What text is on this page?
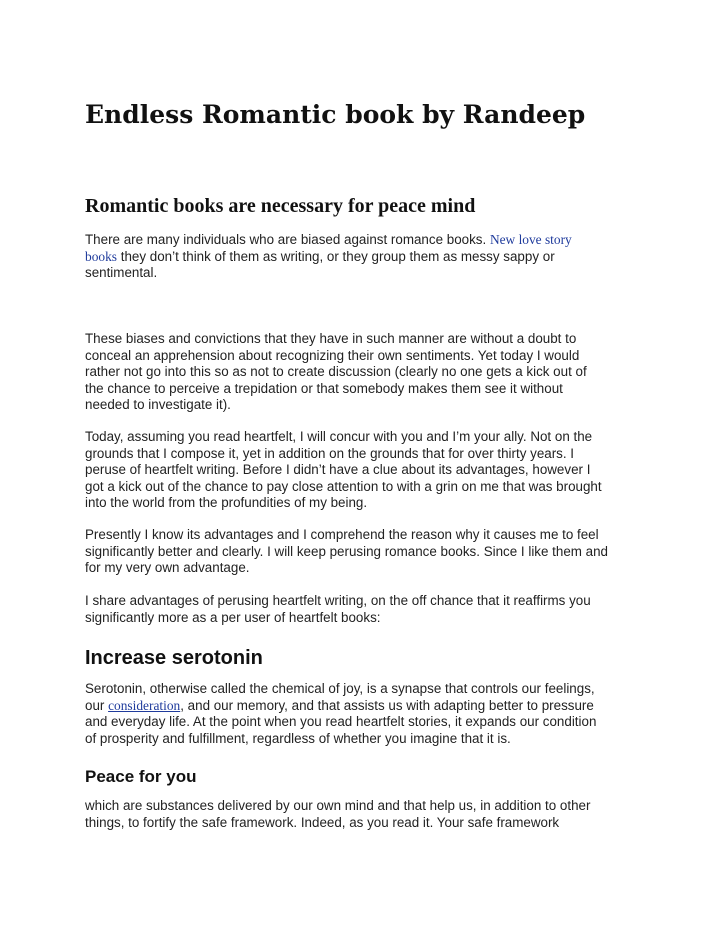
Endless Romantic book by Randeep
Romantic books are necessary for peace mind
There are many individuals who are biased against romance books. New love story
books they don’t think of them as writing, or they group them as messy sappy or
sentimental.
These biases and convictions that they have in such manner are without a doubt to
conceal an apprehension about recognizing their own sentiments. Yet today I would
rather not go into this so as not to create discussion (clearly no one gets a kick out of
the chance to perceive a trepidation or that somebody makes them see it without
needed to investigate it).
Today, assuming you read heartfelt, I will concur with you and I’m your ally. Not on the
grounds that I compose it, yet in addition on the grounds that for over thirty years. I
peruse of heartfelt writing. Before I didn’t have a clue about its advantages, however I
got a kick out of the chance to pay close attention to with a grin on me that was brought
into the world from the profundities of my being.
Presently I know its advantages and I comprehend the reason why it causes me to feel
significantly better and clearly. I will keep perusing romance books. Since I like them and
for my very own advantage.
I share advantages of perusing heartfelt writing, on the off chance that it reaffirms you
significantly more as a per user of heartfelt books:
Increase serotonin
Serotonin, otherwise called the chemical of joy, is a synapse that controls our feelings,
our consideration, and our memory, and that assists us with adapting better to pressure
and everyday life. At the point when you read heartfelt stories, it expands our condition
of prosperity and fulfillment, regardless of whether you imagine that it is.
Peace for you
which are substances delivered by our own mind and that help us, in addition to other
things, to fortify the safe framework. Indeed, as you read it. Your safe framework
